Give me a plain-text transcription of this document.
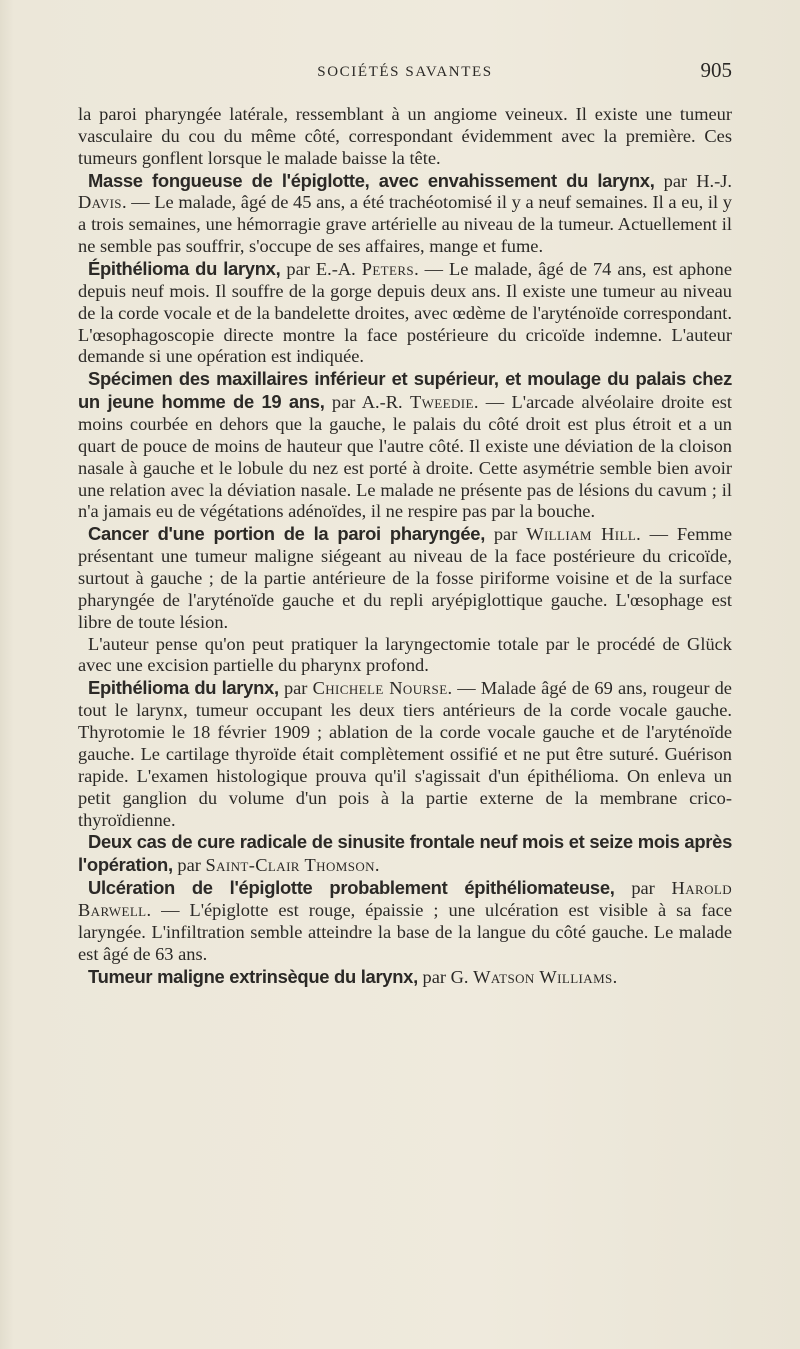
SOCIÉTÉS SAVANTES	905

la paroi pharyngée latérale, ressemblant à un angiome veineux. Il existe une tumeur vasculaire du cou du même côté, correspondant évidemment avec la première. Ces tumeurs gonflent lorsque le malade baisse la tête.

Masse fongueuse de l'épiglotte, avec envahissement du larynx, par H.-J. Davis. — Le malade, âgé de 45 ans, a été trachéotomisé il y a neuf semaines. Il a eu, il y a trois semaines, une hémorragie grave artérielle au niveau de la tumeur. Actuellement il ne semble pas souffrir, s'occupe de ses affaires, mange et fume.

Épithélioma du larynx, par E.-A. Peters. — Le malade, âgé de 74 ans, est aphone depuis neuf mois. Il souffre de la gorge depuis deux ans. Il existe une tumeur au niveau de la corde vocale et de la bandelette droites, avec œdème de l'aryténoïde correspondant. L'œsophagoscopie directe montre la face postérieure du cricoïde indemne. L'auteur demande si une opération est indiquée.

Spécimen des maxillaires inférieur et supérieur, et moulage du palais chez un jeune homme de 19 ans, par A.-R. Tweedie. — L'arcade alvéolaire droite est moins courbée en dehors que la gauche, le palais du côté droit est plus étroit et a un quart de pouce de moins de hauteur que l'autre côté. Il existe une déviation de la cloison nasale à gauche et le lobule du nez est porté à droite. Cette asymétrie semble bien avoir une relation avec la déviation nasale. Le malade ne présente pas de lésions du cavum ; il n'a jamais eu de végétations adénoïdes, il ne respire pas par la bouche.

Cancer d'une portion de la paroi pharyngée, par William Hill. — Femme présentant une tumeur maligne siégeant au niveau de la face postérieure du cricoïde, surtout à gauche ; de la partie antérieure de la fosse piriforme voisine et de la surface pharyngée de l'aryténoïde gauche et du repli aryépiglottique gauche. L'œsophage est libre de toute lésion.

L'auteur pense qu'on peut pratiquer la laryngectomie totale par le procédé de Glück avec une excision partielle du pharynx profond.

Epithélioma du larynx, par Chichele Nourse. — Malade âgé de 69 ans, rougeur de tout le larynx, tumeur occupant les deux tiers antérieurs de la corde vocale gauche. Thyrotomie le 18 février 1909 ; ablation de la corde vocale gauche et de l'aryténoïde gauche. Le cartilage thyroïde était complètement ossifié et ne put être suturé. Guérison rapide. L'examen histologique prouva qu'il s'agissait d'un épithélioma. On enleva un petit ganglion du volume d'un pois à la partie externe de la membrane crico-thyroïdienne.

Deux cas de cure radicale de sinusite frontale neuf mois et seize mois après l'opération, par Saint-Clair Thomson.

Ulcération de l'épiglotte probablement épithéliomateuse, par Harold Barwell. — L'épiglotte est rouge, épaissie ; une ulcération est visible à sa face laryngée. L'infiltration semble atteindre la base de la langue du côté gauche. Le malade est âgé de 63 ans.

Tumeur maligne extrinsèque du larynx, par G. Watson Williams.
